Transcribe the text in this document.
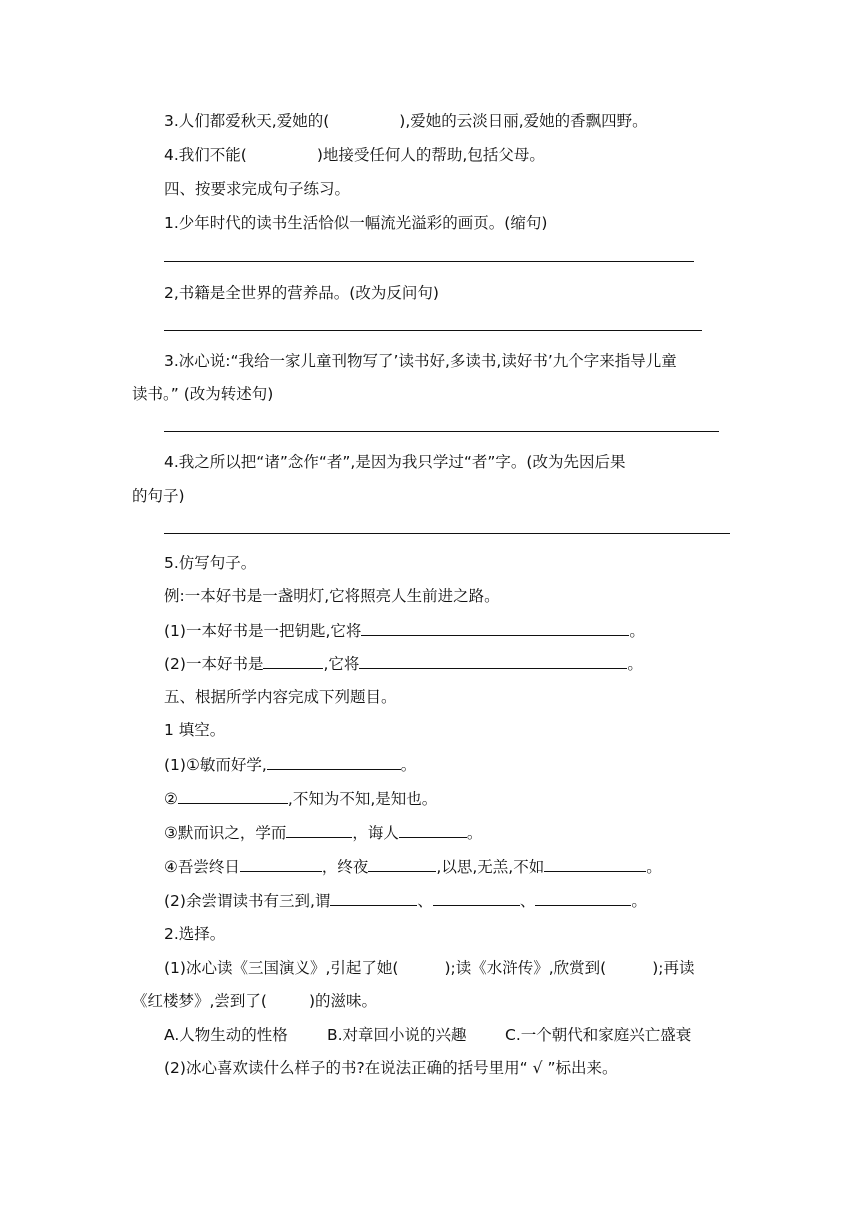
3.人们都爱秋天,爱她的(	),爱她的云淡日丽,爱她的香飘四野。
4.我们不能(	)地接受任何人的帮助,包括父母。
四、按要求完成句子练习。
1.少年时代的读书生活恰似一幅流光溢彩的画页。(缩句)
2,书籍是全世界的营养品。(改为反问句)
3.冰心说:“我给一家儿童刊物写了’读书好,多读书,读好书’九个字来指导儿童
读书。” (改为转述句)
4.我之所以把“诸”念作“者”,是因为我只学过“者”字。(改为先因后果
的句子)
5.仿写句子。
例:一本好书是一盏明灯,它将照亮人生前进之路。
(1)一本好书是一把钥匙,它将	。
(2)一本好书是	,它将	。
五、根据所学内容完成下列题目。
1 填空。
(1)①敏而好学,	。
②	,不知为不知,是知也。
③默而识之，学而	，诲人	。
④吾尝终日	，终夜	,以思,无羔,不如	。
(2)余尝谓读书有三到,谓	、	、	。
2.选择。
(1)冰心读《三国演义》,引起了她(	);读《水浒传》,欣赏到(	);再读
《红楼梦》,尝到了(	)的滋味。
A.人物生动的性格	B.对章回小说的兴趣 C.一个朝代和家庭兴亡盛衰
(2)冰心喜欢读什么样子的书?在说法正确的括号里用“ √ ”标出来。
